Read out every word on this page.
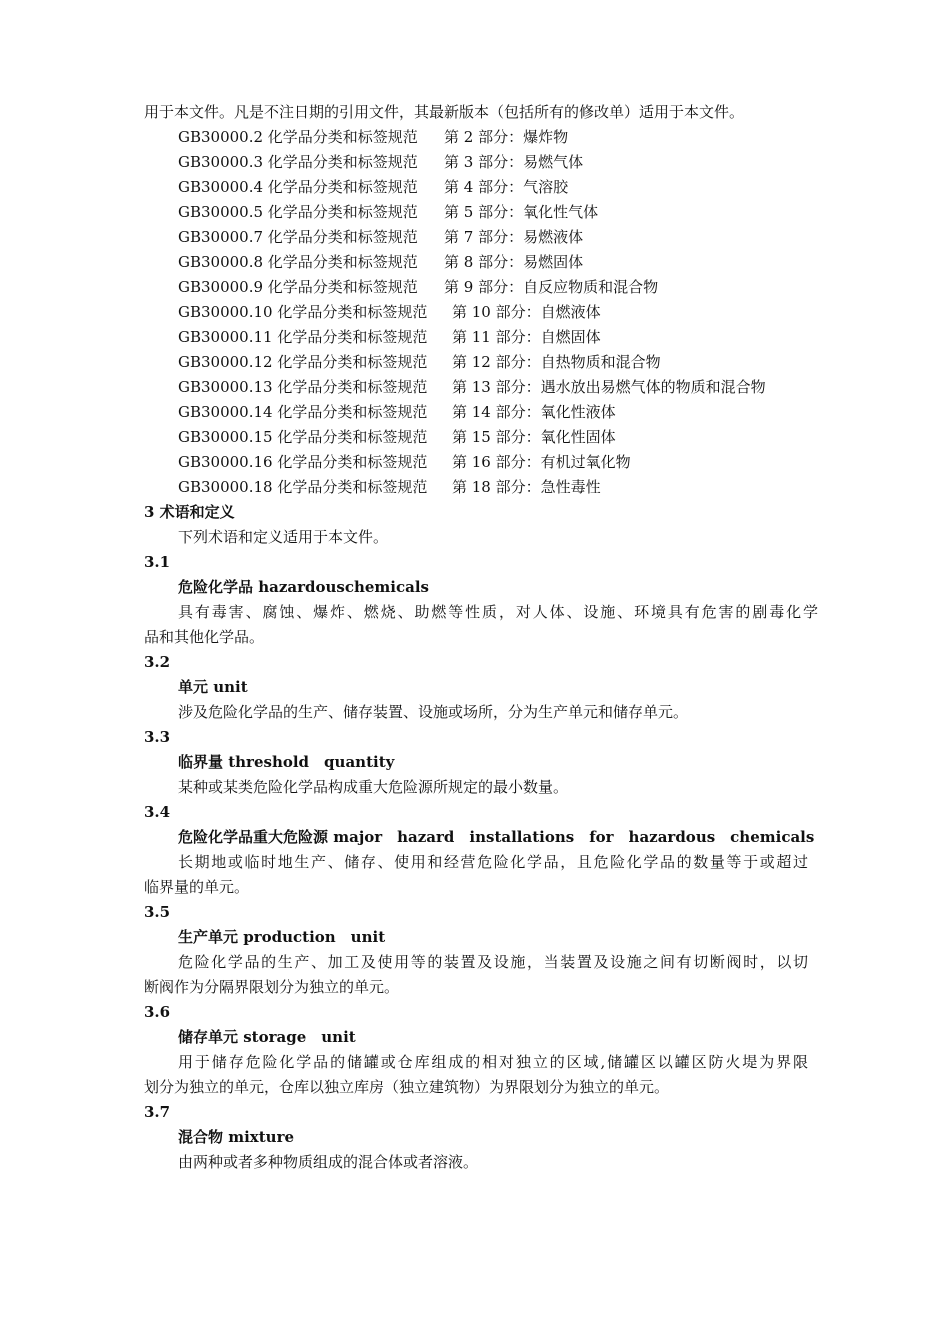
用于本文件。凡是不注日期的引用文件，其最新版本（包括所有的修改单）适用于本文件。
GB30000.2 化学品分类和标签规范 第 2 部分：爆炸物
GB30000.3 化学品分类和标签规范 第 3 部分：易燃气体
GB30000.4 化学品分类和标签规范 第 4 部分：气溶胶
GB30000.5 化学品分类和标签规范 第 5 部分：氧化性气体
GB30000.7 化学品分类和标签规范 第 7 部分：易燃液体
GB30000.8 化学品分类和标签规范 第 8 部分：易燃固体
GB30000.9 化学品分类和标签规范 第 9 部分：自反应物质和混合物
GB30000.10 化学品分类和标签规范 第 10 部分：自燃液体
GB30000.11 化学品分类和标签规范 第 11 部分：自燃固体
GB30000.12 化学品分类和标签规范 第 12 部分：自热物质和混合物
GB30000.13 化学品分类和标签规范 第 13 部分：遇水放出易燃气体的物质和混合物
GB30000.14 化学品分类和标签规范 第 14 部分：氧化性液体
GB30000.15 化学品分类和标签规范 第 15 部分：氧化性固体
GB30000.16 化学品分类和标签规范 第 16 部分：有机过氧化物
GB30000.18 化学品分类和标签规范 第 18 部分：急性毒性
3 术语和定义
下列术语和定义适用于本文件。
3.1
危险化学品 hazardouschemicals
具有毒害、腐蚀、爆炸、燃烧、助燃等性质，对人体、设施、环境具有危害的剧毒化学
品和其他化学品。
3.2
单元 unit
涉及危险化学品的生产、储存装置、设施或场所，分为生产单元和储存单元。
3.3
临界量 threshold　quantity
某种或某类危险化学品构成重大危险源所规定的最小数量。
3.4
危险化学品重大危险源 major　hazard　installations　for　hazardous　chemicals
长期地或临时地生产、储存、使用和经营危险化学品，且危险化学品的数量等于或超过
临界量的单元。
3.5
生产单元 production　unit
危险化学品的生产、加工及使用等的装置及设施，当装置及设施之间有切断阀时，以切
断阀作为分隔界限划分为独立的单元。
3.6
储存单元 storage　unit
用于储存危险化学品的储罐或仓库组成的相对独立的区域,储罐区以罐区防火堤为界限
划分为独立的单元，仓库以独立库房（独立建筑物）为界限划分为独立的单元。
3.7
混合物 mixture
由两种或者多种物质组成的混合体或者溶液。
